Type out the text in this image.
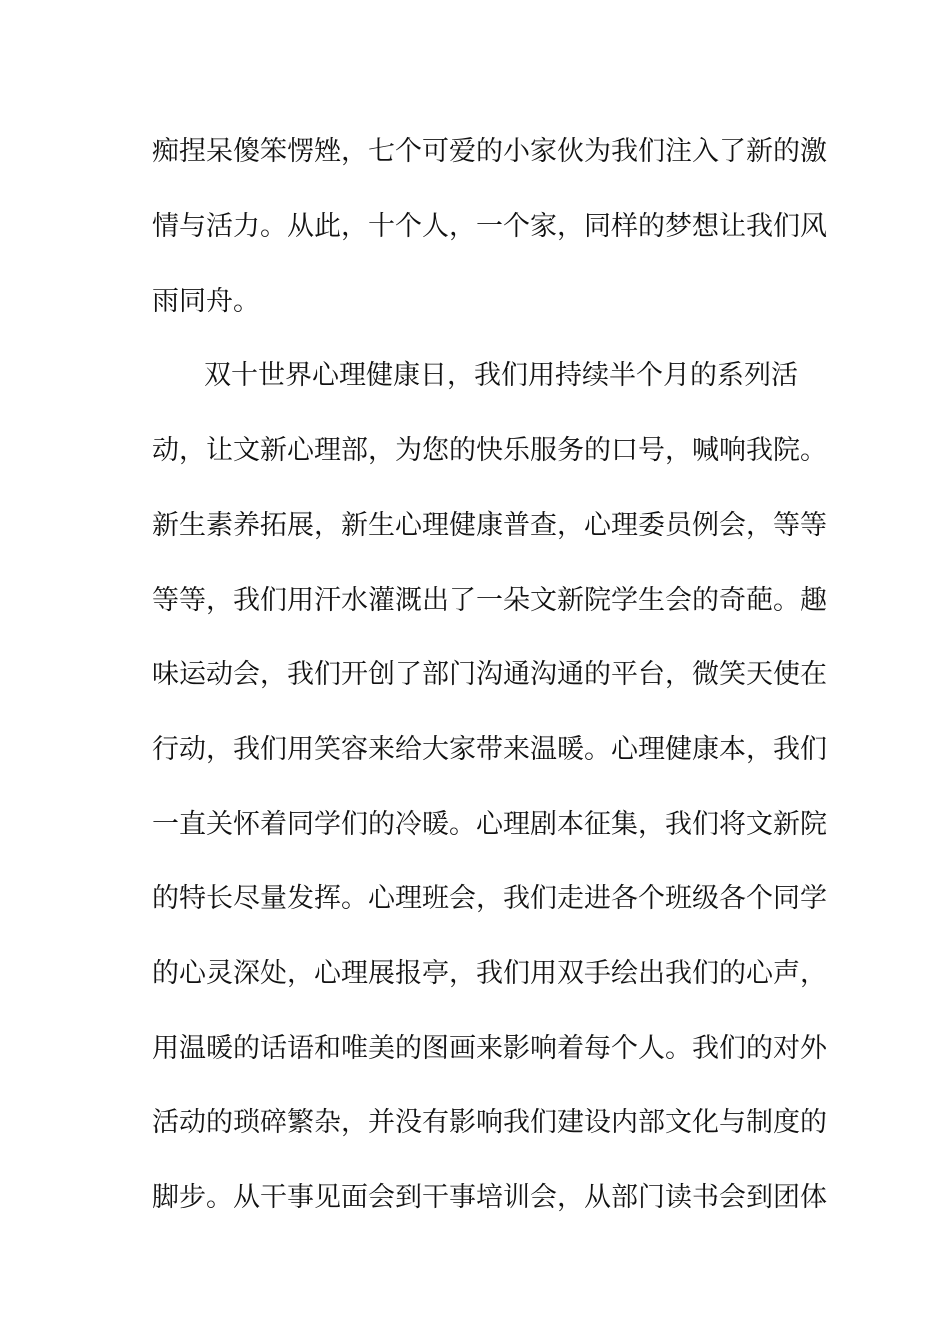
痴捏呆傻笨愣矬，七个可爱的小家伙为我们注入了新的激
情与活力。从此，十个人，一个家，同样的梦想让我们风
雨同舟。
双十世界心理健康日，我们用持续半个月的系列活
动，让文新心理部，为您的快乐服务的口号，喊响我院。
新生素养拓展，新生心理健康普查，心理委员例会，等等
等等，我们用汗水灌溉出了一朵文新院学生会的奇葩。趣
味运动会，我们开创了部门沟通沟通的平台，微笑天使在
行动，我们用笑容来给大家带来温暖。心理健康本，我们
一直关怀着同学们的冷暖。心理剧本征集，我们将文新院
的特长尽量发挥。心理班会，我们走进各个班级各个同学
的心灵深处，心理展报亭，我们用双手绘出我们的心声，
用温暖的话语和唯美的图画来影响着每个人。我们的对外
活动的琐碎繁杂，并没有影响我们建设内部文化与制度的
脚步。从干事见面会到干事培训会，从部门读书会到团体
